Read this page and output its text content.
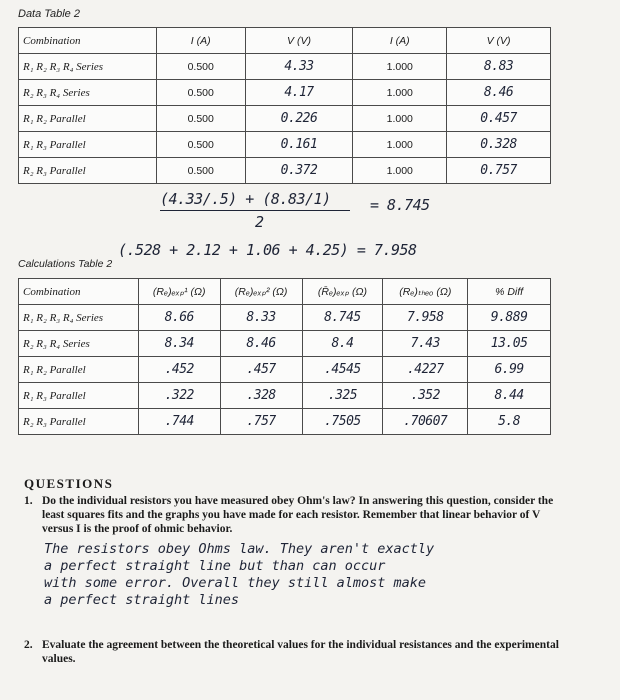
Data Table 2
Combination	I (A)	V (V)	I (A)	V (V)
R₁ R₂ R₃ R₄ Series	0.500	4.33	1.000	8.83
R₂ R₃ R₄ Series	0.500	4.17	1.000	8.46
R₁ R₂ Parallel	0.500	0.226	1.000	0.457
R₁ R₃ Parallel	0.500	0.161	1.000	0.328
R₂ R₃ Parallel	0.500	0.372	1.000	0.757
(4.33/.5) + (8.83/1)	= 8.745
2
(.528 + 2.12 + 1.06 + 4.25) = 7.958
Calculations Table 2
Combination	(Rₑ)ₑₓₚ¹ (Ω)	(Rₑ)ₑₓₚ² (Ω)	(R̄ₑ)ₑₓₚ (Ω)	(Rₑ)ₜₕₑₒ (Ω)	% Diff
R₁ R₂ R₃ R₄ Series	8.66	8.33	8.745	7.958	9.889
R₂ R₃ R₄ Series	8.34	8.46	8.4	7.43	13.05
R₁ R₂ Parallel	.452	.457	.4545	.4227	6.99
R₁ R₃ Parallel	.322	.328	.325	.352	8.44
R₂ R₃ Parallel	.744	.757	.7505	.70607	5.8
QUESTIONS
1. Do the individual resistors you have measured obey Ohm's law? In answering this question, consider the least squares fits and the graphs you have made for each resistor. Remember that linear behavior of V versus I is the proof of ohmic behavior.
The resistors obey Ohms law. They aren't exactly
a perfect straight line but than can occur
with some error. Overall they still almost make
a perfect straight lines
2. Evaluate the agreement between the theoretical values for the individual resistances and the experimental values.
